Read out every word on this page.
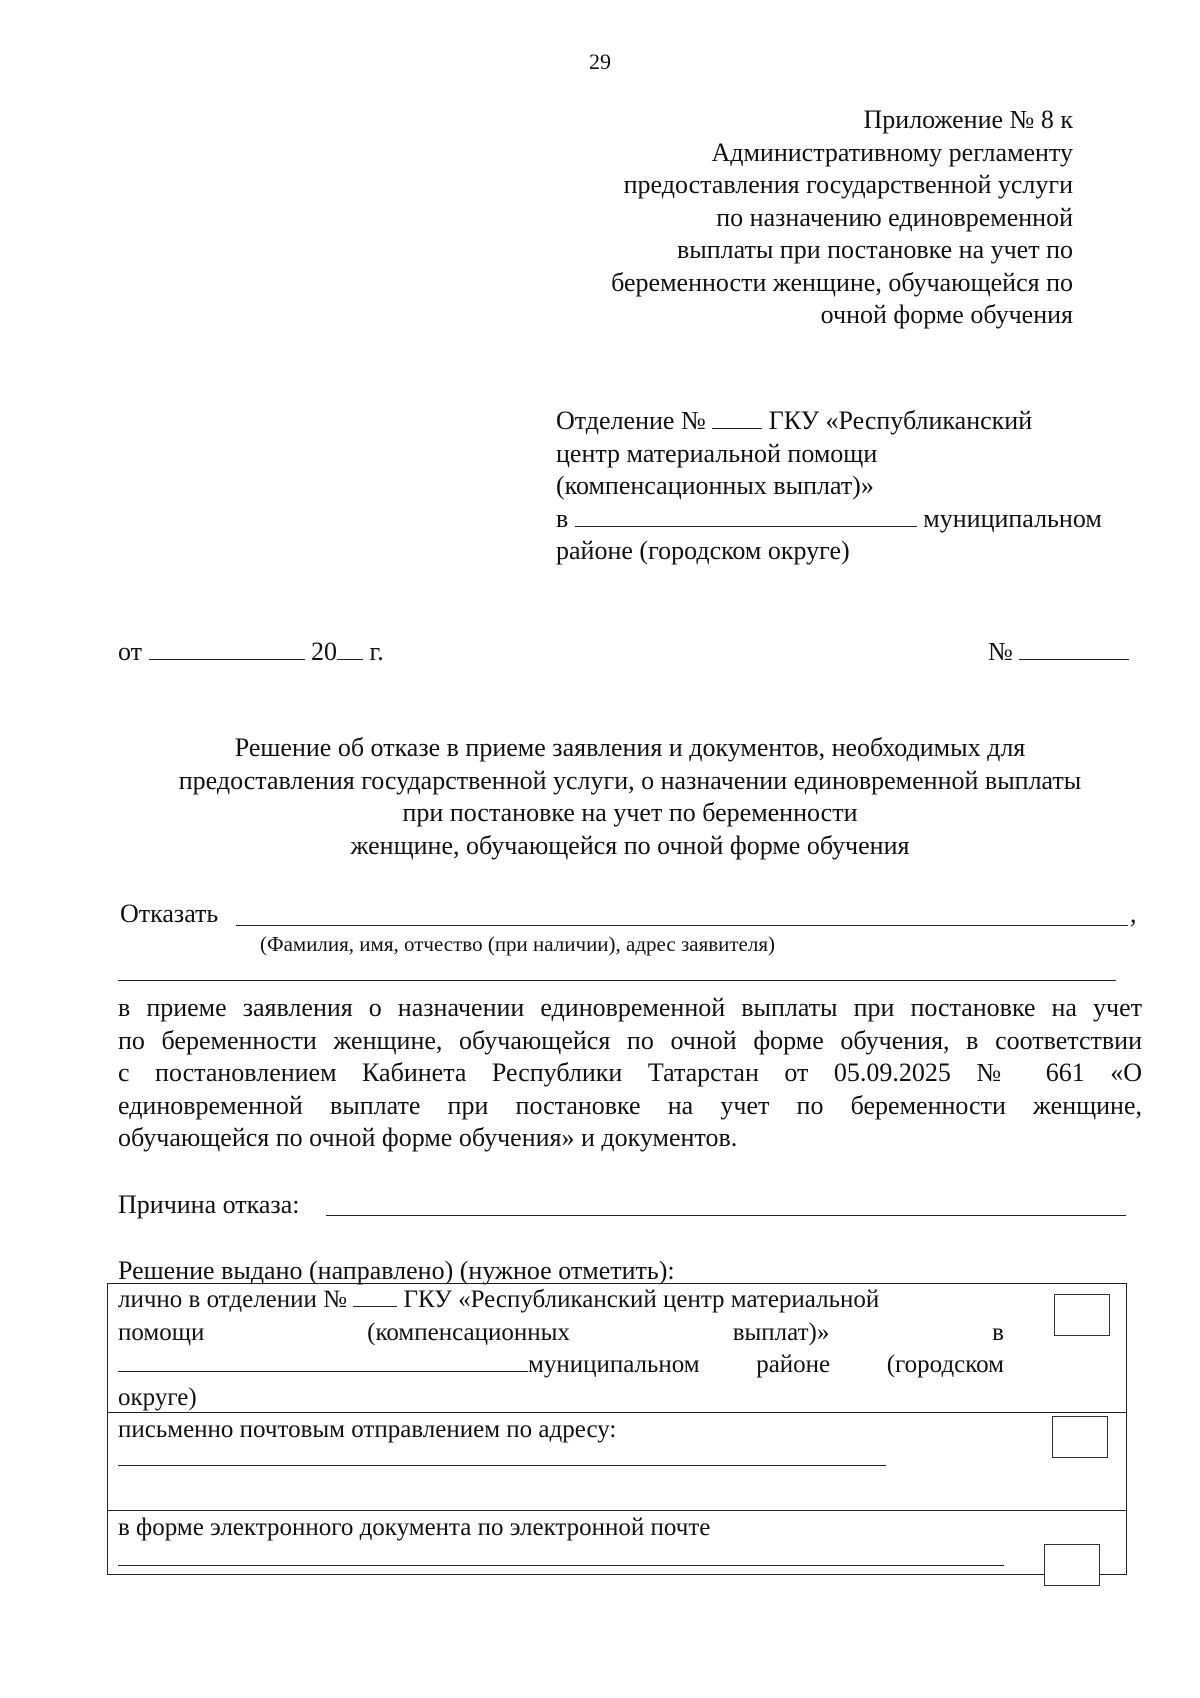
29
Приложение № 8 к
Административному регламенту
предоставления государственной услуги
по назначению единовременной
выплаты при постановке на учет по
беременности женщине, обучающейся по
очной форме обучения
Отделение № ГКУ «Республиканский
центр материальной помощи
(компенсационных выплат)»
в	муниципальном
районе (городском округе)
от	20 г.	№
Решение об отказе в приеме заявления и документов, необходимых для
предоставления государственной услуги, о назначении единовременной выплаты
при постановке на учет по беременности
женщине, обучающейся по очной форме обучения
Отказать	,
(Фамилия, имя, отчество (при наличии), адрес заявителя)
в приеме заявления о назначении единовременной выплаты при постановке на учет
по беременности женщине, обучающейся по очной форме обучения, в соответствии
с постановлением Кабинета Республики Татарстан от 05.09.2025 № 661 «О
единовременной выплате при постановке на учет по беременности женщине,
обучающейся по очной форме обучения» и документов.
Причина отказа:
Решение выдано (направлено) (нужное отметить):
лично в отделении № ГКУ «Республиканский центр материальной
помощи	(компенсационных	выплат)»	в
муниципальном районе (городском
округе)
письменно почтовым отправлением по адресу:
в форме электронного документа по электронной почте
